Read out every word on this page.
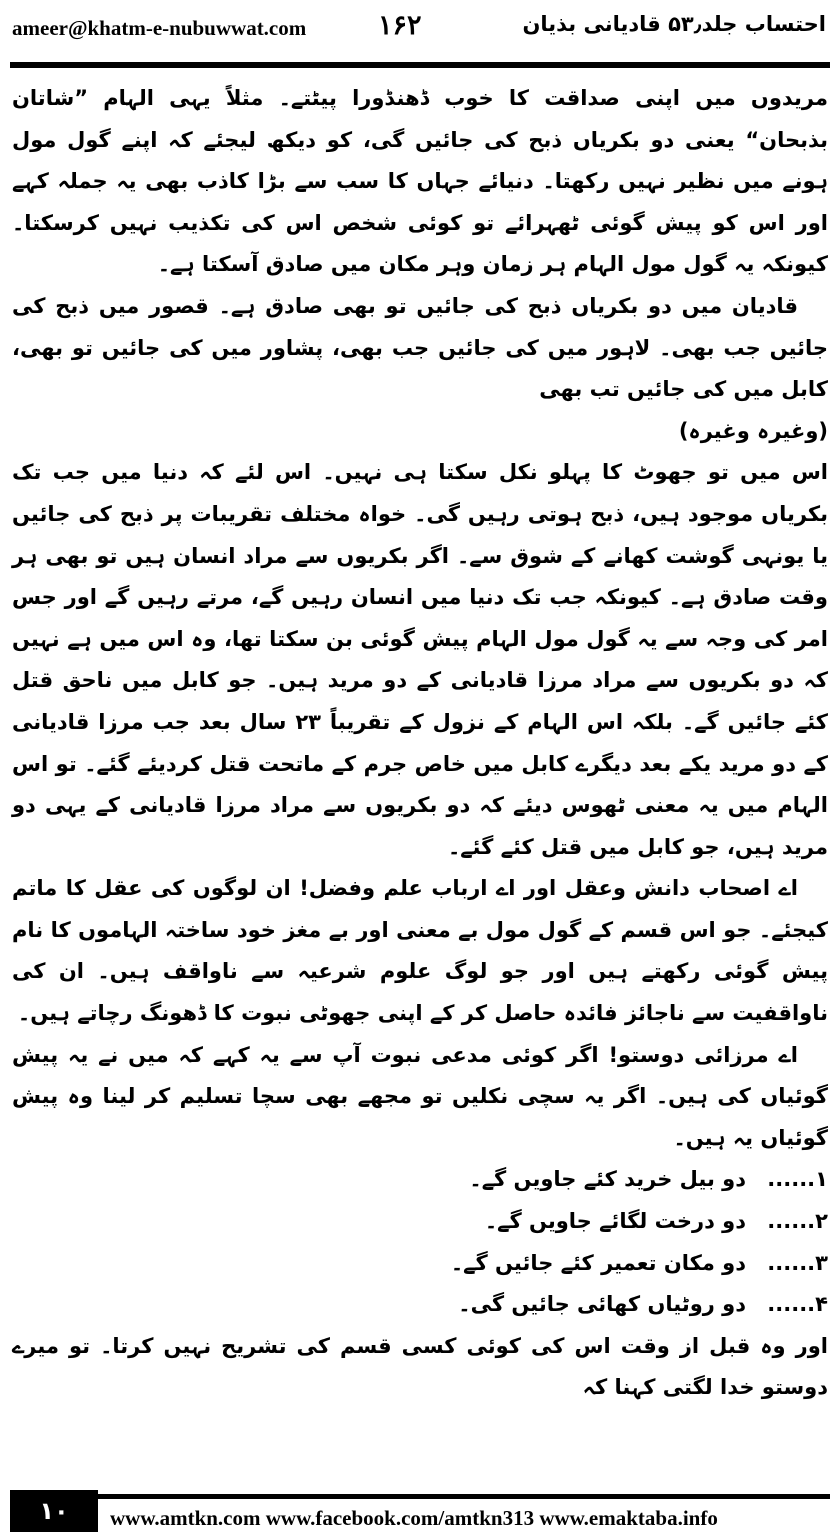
ameer@khatm-e-nubuwwat.com	۱۶۲	احتساب جلد۵۳٫ قادیانی بذیان

مریدوں میں اپنی صداقت کا خوب ڈھنڈورا پیٹتے۔ مثلاً یہی الہام ”شاتان بذبحان“ یعنی دو بکریاں ذبح کی جائیں گی، کو دیکھ لیجئے کہ اپنے گول مول ہونے میں نظیر نہیں رکھتا۔ دنیائے جہاں کا سب سے بڑا کاذب بھی یہ جملہ کہے اور اس کو پیش گوئی ٹھہرائے تو کوئی شخص اس کی تکذیب نہیں کرسکتا۔ کیونکہ یہ گول مول الہام ہر زمان وہر مکان میں صادق آسکتا ہے۔

قادیان میں دو بکریاں ذبح کی جائیں تو بھی صادق ہے۔ قصور میں ذبح کی جائیں جب بھی۔ لاہور میں کی جائیں جب بھی، پشاور میں کی جائیں تو بھی، کابل میں کی جائیں تب بھی

(وغیرہ وغیرہ)

اس میں تو جھوٹ کا پہلو نکل سکتا ہی نہیں۔ اس لئے کہ دنیا میں جب تک بکریاں موجود ہیں، ذبح ہوتی رہیں گی۔ خواہ مختلف تقریبات پر ذبح کی جائیں یا یونہی گوشت کھانے کے شوق سے۔ اگر بکریوں سے مراد انسان ہیں تو بھی ہر وقت صادق ہے۔ کیونکہ جب تک دنیا میں انسان رہیں گے، مرتے رہیں گے اور جس امر کی وجہ سے یہ گول مول الہام پیش گوئی بن سکتا تھا، وہ اس میں ہے نہیں کہ دو بکریوں سے مراد مرزا قادیانی کے دو مرید ہیں۔ جو کابل میں ناحق قتل کئے جائیں گے۔ بلکہ اس الہام کے نزول کے تقریباً ۲۳ سال بعد جب مرزا قادیانی کے دو مرید یکے بعد دیگرے کابل میں خاص جرم کے ماتحت قتل کردیئے گئے۔ تو اس الہام میں یہ معنی ٹھوس دیئے کہ دو بکریوں سے مراد مرزا قادیانی کے یہی دو مرید ہیں، جو کابل میں قتل کئے گئے۔

اے اصحاب دانش وعقل اور اے ارباب علم وفضل! ان لوگوں کی عقل کا ماتم کیجئے۔ جو اس قسم کے گول مول بے معنی اور بے مغز خود ساختہ الہاموں کا نام پیش گوئی رکھتے ہیں اور جو لوگ علوم شرعیہ سے ناواقف ہیں۔ ان کی ناواقفیت سے ناجائز فائدہ حاصل کر کے اپنی جھوٹی نبوت کا ڈھونگ رچاتے ہیں۔

اے مرزائی دوستو! اگر کوئی مدعی نبوت آپ سے یہ کہے کہ میں نے یہ پیش گوئیاں کی ہیں۔ اگر یہ سچی نکلیں تو مجھے بھی سچا تسلیم کر لینا وہ پیش گوئیاں یہ ہیں۔

۱......
دو بیل خرید کئے جاویں گے۔
۲......
دو درخت لگائے جاویں گے۔
۳......
دو مکان تعمیر کئے جائیں گے۔
۴......
دو روٹیاں کھائی جائیں گی۔

اور وہ قبل از وقت اس کی کوئی کسی قسم کی تشریح نہیں کرتا۔ تو میرے دوستو خدا لگتی کہنا کہ

۱۰	www.amtkn.com www.facebook.com/amtkn313 www.emaktaba.info
